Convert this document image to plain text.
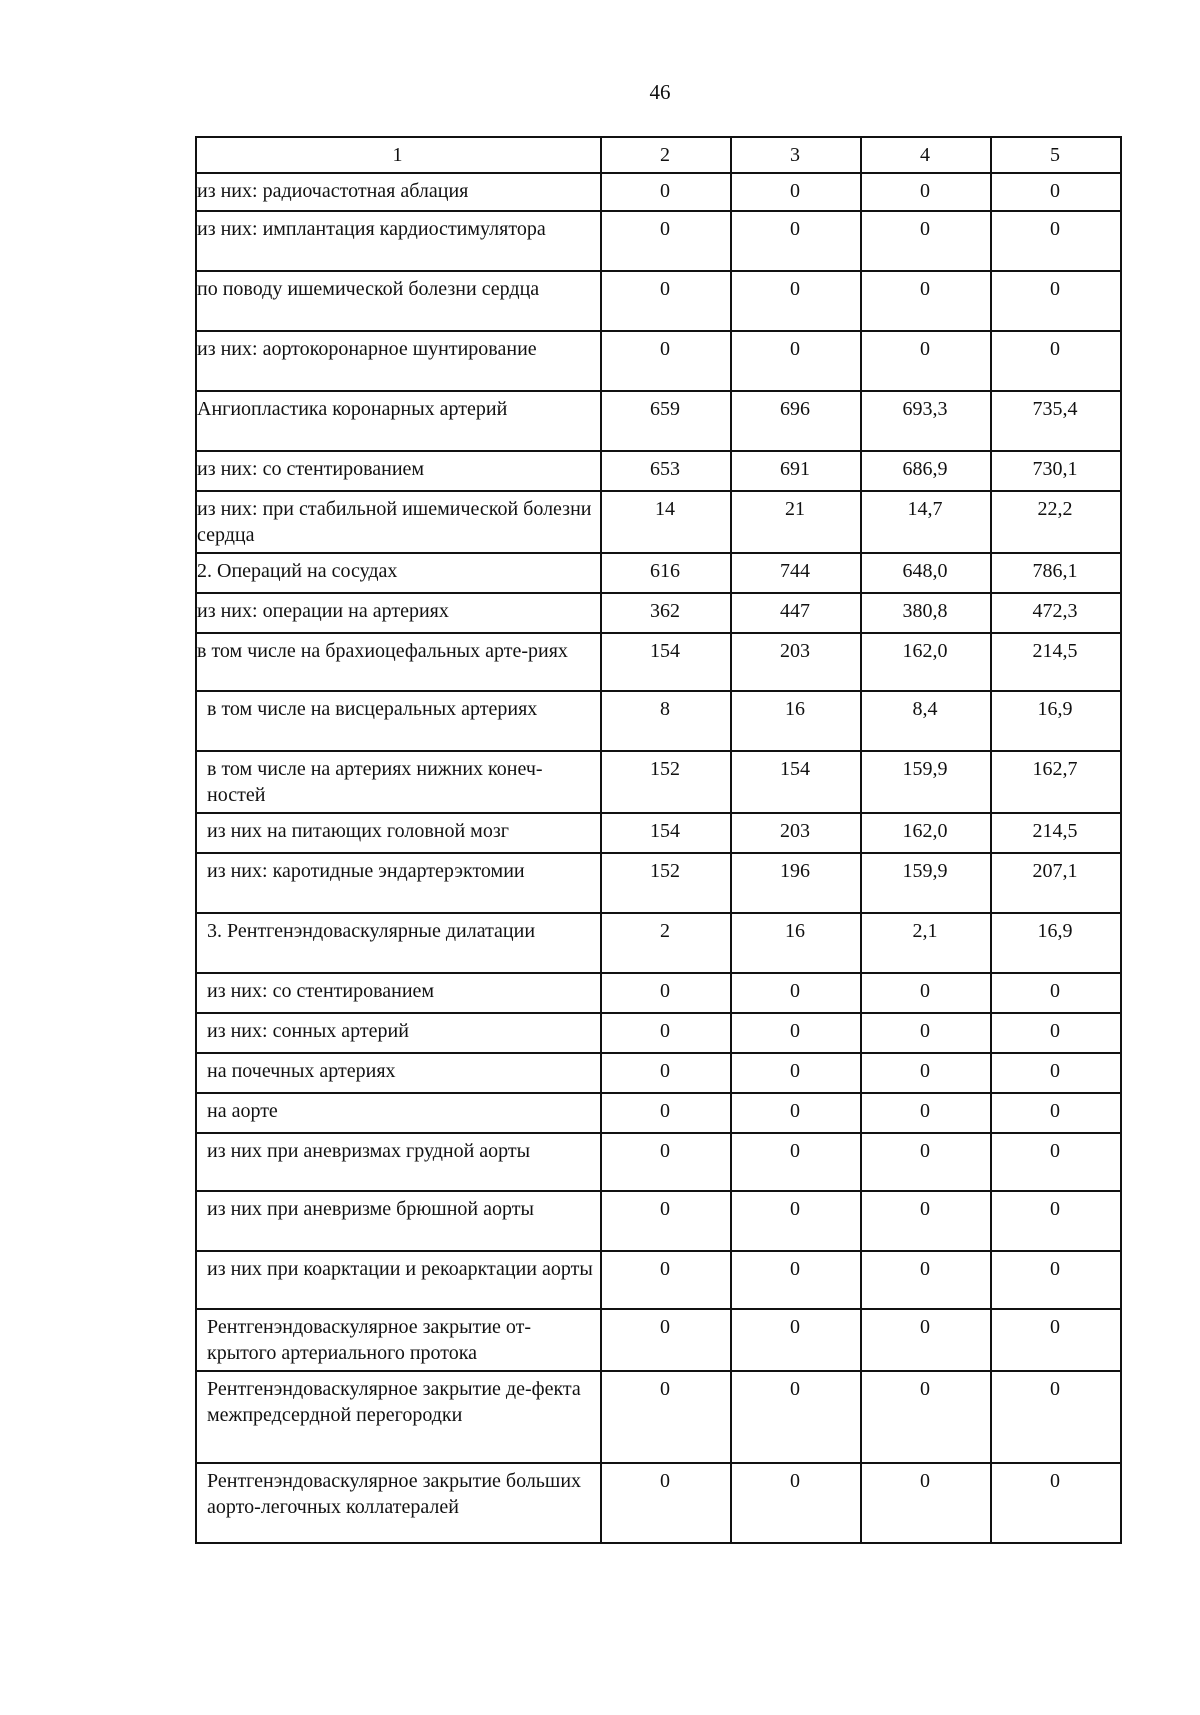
46
1	2	3	4	5
из них: радиочастотная аблация	0	0	0	0
из них: имплантация кардиостимулятора	0	0	0	0
по поводу ишемической болезни сердца	0	0	0	0
из них: аортокоронарное шунтирование	0	0	0	0
Ангиопластика коронарных артерий	659	696	693,3	735,4
из них: со стентированием	653	691	686,9	730,1
из них: при стабильной ишемической болезни сердца	14	21	14,7	22,2
2. Операций на сосудах	616	744	648,0	786,1
из них: операции на артериях	362	447	380,8	472,3
в том числе на брахиоцефальных арте-риях	154	203	162,0	214,5
в том числе на висцеральных артериях	8	16	8,4	16,9
в том числе на артериях нижних конеч-ностей	152	154	159,9	162,7
из них на питающих головной мозг	154	203	162,0	214,5
из них: каротидные эндартерэктомии	152	196	159,9	207,1
3. Рентгенэндоваскулярные дилатации	2	16	2,1	16,9
из них: со стентированием	0	0	0	0
из них: сонных артерий	0	0	0	0
на почечных артериях	0	0	0	0
на аорте	0	0	0	0
из них при аневризмах грудной аорты	0	0	0	0
из них при аневризме брюшной аорты	0	0	0	0
из них при коарктации и рекоарктации аорты	0	0	0	0
Рентгенэндоваскулярное закрытие от-крытого артериального протока	0	0	0	0
Рентгенэндоваскулярное закрытие де-фекта межпредсердной перегородки	0	0	0	0
Рентгенэндоваскулярное закрытие больших аорто-легочных коллатералей	0	0	0	0
